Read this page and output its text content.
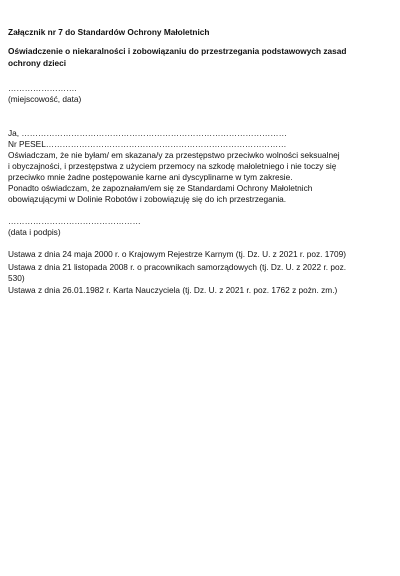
Załącznik nr 7 do Standardów Ochrony Małoletnich
Oświadczenie o niekaralności i zobowiązaniu do przestrzegania podstawowych zasad
ochrony dzieci
…………………….
(miejscowość, data)
Ja, ……………………………………………………………………………………
Nr PESEL……………………………………………………………………………
Oświadczam, że nie byłam/ em skazana/y za przestępstwo przeciwko wolności seksualnej
i obyczajności, i przestępstwa z użyciem przemocy na szkodę małoletniego i nie toczy się
przeciwko mnie żadne postępowanie karne ani dyscyplinarne w tym zakresie.
Ponadto oświadczam, że zapoznałam/em się ze Standardami Ochrony Małoletnich
obowiązującymi w Dolinie Robotów i zobowiązuję się do ich przestrzegania.
…………………………………………
(data i podpis)
Ustawa z dnia 24 maja 2000 r. o Krajowym Rejestrze Karnym (tj. Dz. U. z 2021 r. poz. 1709)
Ustawa z dnia 21 listopada 2008 r. o pracownikach samorządowych (tj. Dz. U. z 2022 r. poz.
530)
Ustawa z dnia 26.01.1982 r. Karta Nauczyciela (tj. Dz. U. z 2021 r. poz. 1762 z pożn. zm.)
